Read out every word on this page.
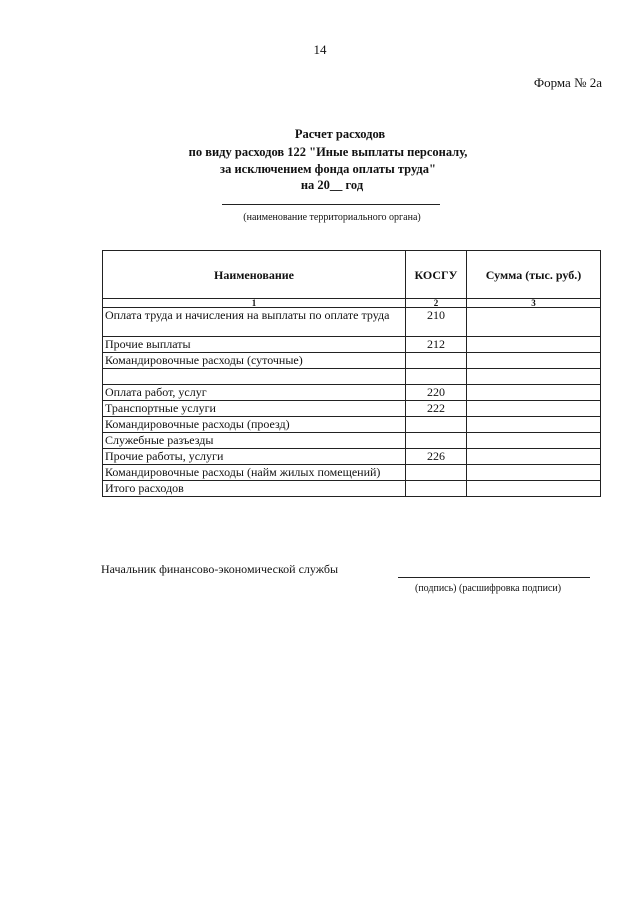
14
Форма № 2а
Расчет расходов
по виду расходов 122 "Иные выплаты персоналу,
за исключением фонда оплаты труда"
на 20__ год
(наименование территориального органа)
Наименование	КОСГУ	Сумма (тыс. руб.)
1	2	3
Оплата труда и начисления на выплаты по оплате труда	210	
Прочие выплаты	212	
Командировочные расходы (суточные)		

Оплата работ, услуг	220	
Транспортные услуги	222	
Командировочные расходы (проезд)		
Служебные разъезды		
Прочие работы, услуги	226	
Командировочные расходы (найм жилых помещений)		
Итого расходов		
Начальник финансово-экономической службы
(подпись) (расшифровка подписи)
